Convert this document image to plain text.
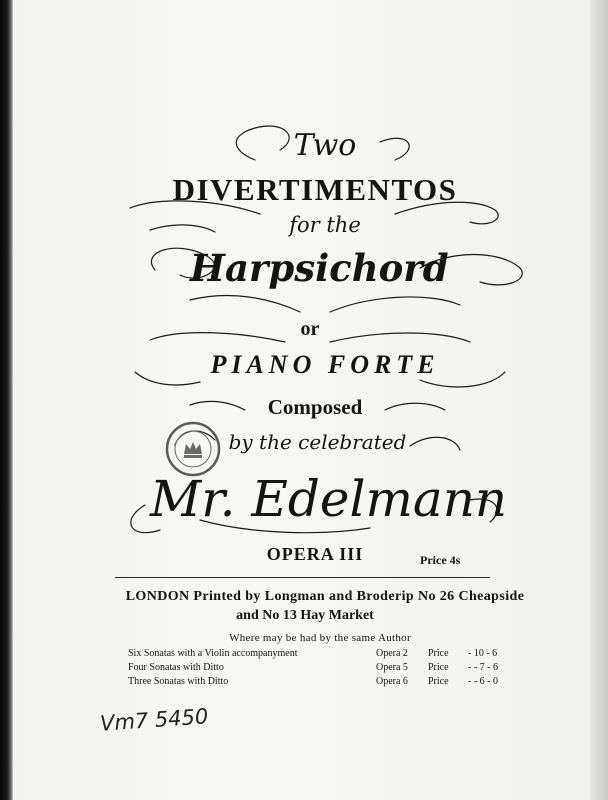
Two
DIVERTIMENTOS
for the
Harpsichord
or
PIANO FORTE
Composed
by the celebrated
Mr. Edelmann
OPERA III	Price 4s
LONDON Printed by Longman and Broderip No 26 Cheapside
and No 13 Hay Market
Where may be had by the same Author
Six Sonatas with a Violin accompanyment	Opera 2 Price - 10 - 6
Four Sonatas with Ditto	Opera 5 Price - - 7 - 6
Three Sonatas with Ditto	Opera 6 Price - - 6 - 0
Vm7 5450
